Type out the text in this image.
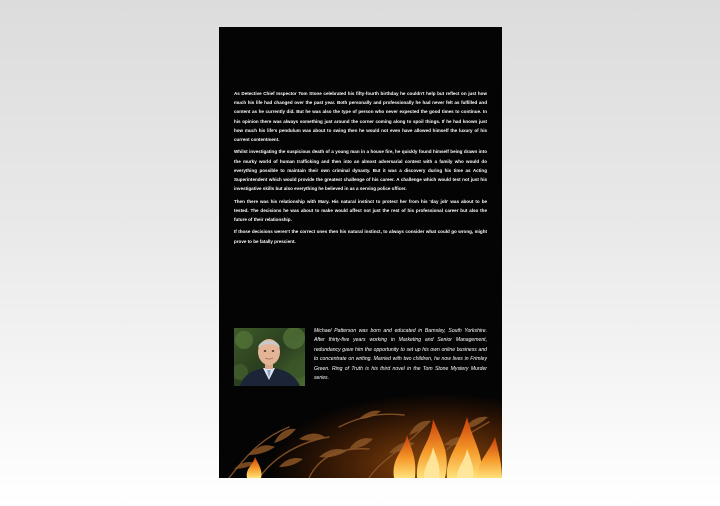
As Detective Chief Inspector Tom Stone celebrated his fifty-fourth birthday he couldn't help but reflect on just how much his life had changed over the past year. Both personally and professionally he had never felt as fulfilled and content as he currently did. But he was also the type of person who never expected the good times to continue. In his opinion there was always something just around the corner coming along to spoil things. If he had known just how much his life's pendulum was about to swing then he would not even have allowed himself the luxury of his current contentment.

Whilst investigating the suspicious death of a young man in a house fire, he quickly found himself being drawn into the murky world of human trafficking and then into an almost adversarial contest with a family who would do everything possible to maintain their own criminal dynasty. But it was a discovery during his time as Acting Superintendent which would provide the greatest challenge of his career. A challenge which would test not just his investigative skills but also everything he believed in as a serving police officer.

Then there was his relationship with Mary. His natural instinct to protect her from his 'day job' was about to be tested. The decisions he was about to make would affect not just the rest of his professional career but also the future of their relationship.

If those decisions weren't the correct ones then his natural instinct, to always consider what could go wrong, might prove to be fatally prescient.

Michael Patterson was born and educated in Barnsley, South Yorkshire. After thirty-five years working in Marketing and Senior Management, redundancy gave him the opportunity to set up his own online business and
